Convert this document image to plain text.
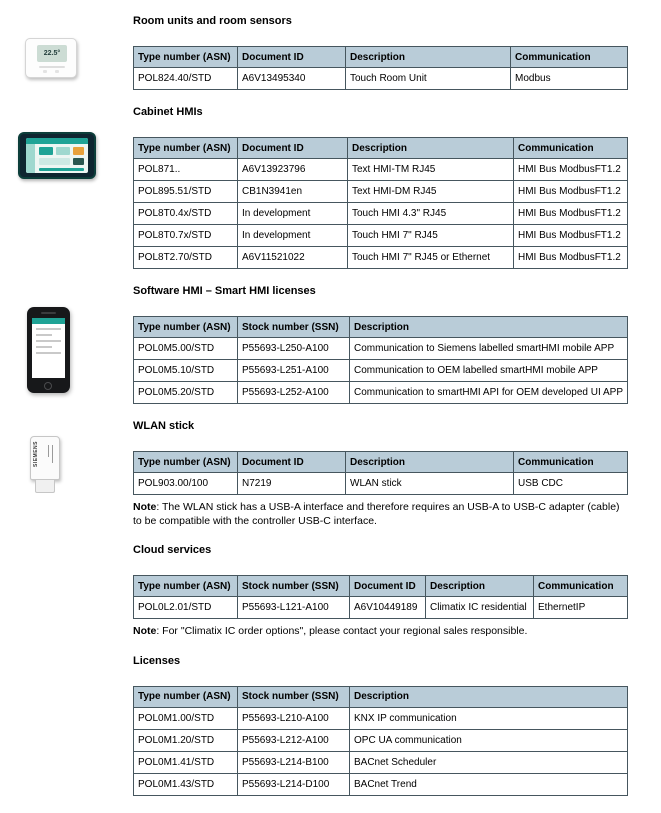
22.5°
SIEMENS
Room units and room sensors
Type number (ASN)	Document ID	Description	Communication
POL824.40/STD	A6V13495340	Touch Room Unit	Modbus
Cabinet HMIs
Type number (ASN)	Document ID	Description	Communication
POL871..	A6V13923796	Text HMI-TM RJ45	HMI Bus ModbusFT1.2
POL895.51/STD	CB1N3941en	Text HMI-DM RJ45	HMI Bus ModbusFT1.2
POL8T0.4x/STD	In development	Touch HMI 4.3" RJ45	HMI Bus ModbusFT1.2
POL8T0.7x/STD	In development	Touch HMI 7" RJ45	HMI Bus ModbusFT1.2
POL8T2.70/STD	A6V11521022	Touch HMI 7" RJ45 or Ethernet	HMI Bus ModbusFT1.2
Software HMI – Smart HMI licenses
Type number (ASN)	Stock number (SSN)	Description
POL0M5.00/STD	P55693-L250-A100	Communication to Siemens labelled smartHMI mobile APP
POL0M5.10/STD	P55693-L251-A100	Communication to OEM labelled smartHMI mobile APP
POL0M5.20/STD	P55693-L252-A100	Communication to smartHMI API for OEM developed UI APP
WLAN stick
Type number (ASN)	Document ID	Description	Communication
POL903.00/100	N7219	WLAN stick	USB CDC

Note: The WLAN stick has a USB-A interface and therefore requires an USB-A to USB-C adapter (cable) to be compatible with the controller USB-C interface.

Cloud services
Type number (ASN)	Stock number (SSN)	Document ID	Description	Communication
POL0L2.01/STD	P55693-L121-A100	A6V10449189	Climatix IC residential	EthernetIP

Note: For "Climatix IC order options", please contact your regional sales responsible.

Licenses
Type number (ASN)	Stock number (SSN)	Description
POL0M1.00/STD	P55693-L210-A100	KNX IP communication
POL0M1.20/STD	P55693-L212-A100	OPC UA communication
POL0M1.41/STD	P55693-L214-B100	BACnet Scheduler
POL0M1.43/STD	P55693-L214-D100	BACnet Trend
